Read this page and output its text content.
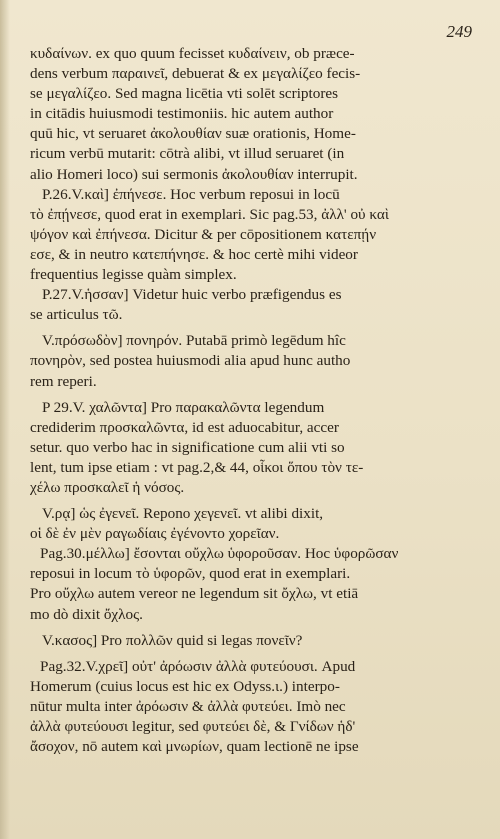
249
κυδαίνων. ex quo quum fecisset κυδαίνειν, ob præce-
dens verbum παραινεῖ, debuerat & ex μεγαλίζεο fecis-
se μεγαλίζεο. Sed magna licētia vti solēt scriptores
in citādis huiusmodi testimoniis. hic autem author
quū hic, vt seruaret ἀκολουθίαν suæ orationis, Home-
ricum verbū mutarit: cōtrà alibi, vt illud seruaret (in
alio Homeri loco) sui sermonis ἀκολουθίαν interrupit.
P.26.V.καὶ] ἐπήνεσε. Hoc verbum reposui in locū
τὸ ἐπῄνεσε, quod erat in exemplari. Sic pag.53, ἀλλ' οὐ καὶ
ψόγον καὶ ἐπήνεσα. Dicitur & per cōpositionem κατεπῄν
εσε, & in neutro κατεπήνησε. & hoc certè mihi videor
frequentius legisse quàm simplex.
P.27.V.ἡσσαν] Videtur huic verbo præfigendus es
se articulus τῶ.
V.πρόσωδὸν] πονηρόν. Putabā primò legēdum hîc
πονηρὸν, sed postea huiusmodi alia apud hunc autho
rem reperi.
P 29.V. χαλῶντα] Pro παρακαλῶντα legendum
crediderim προσκαλῶντα, id est aduocabitur, accer
setur. quo verbo hac in significatione cum alii vti so
lent, tum ipse etiam : vt pag.2,& 44, οἷκοι ὅπου τὸν τε-
χέλω προσκαλεῖ ἡ νόσος.
V.ρᾳ] ὡς ἐγενεῖ. Repono χεγενεῖ. vt alibi dixit,
οἱ δὲ ἐν μὲν ραγωδίαις ἐγένοντο χορεῖαν.
Pag.30.μέλλω] ἔσονται οὔχλω ὑφοροῦσαν. Hoc ὑφορῶσαν
reposui in locum τὸ ὑφορῶν, quod erat in exemplari.
Pro οὔχλω autem vereor ne legendum sit ὄχλω, vt etiā
mo dò dixit ὄχλος.
V.κασος] Pro πολλῶν quid si legas πονεῖν?
Pag.32.V.χρεῖ] οὐτ' ἀρόωσιν ἀλλὰ φυτεύουσι. Apud
Homerum (cuius locus est hic ex Odyss.ι.) interpo-
nūtur multa inter ἀρόωσιν & ἀλλὰ φυτεύει. Imò nec
ἀλλὰ φυτεύουσι legitur, sed φυτεύει δὲ, & Γνίδων ἡδ'
ἄσοχον, nō autem καὶ μνωρίων, quam lectionē ne ipse
